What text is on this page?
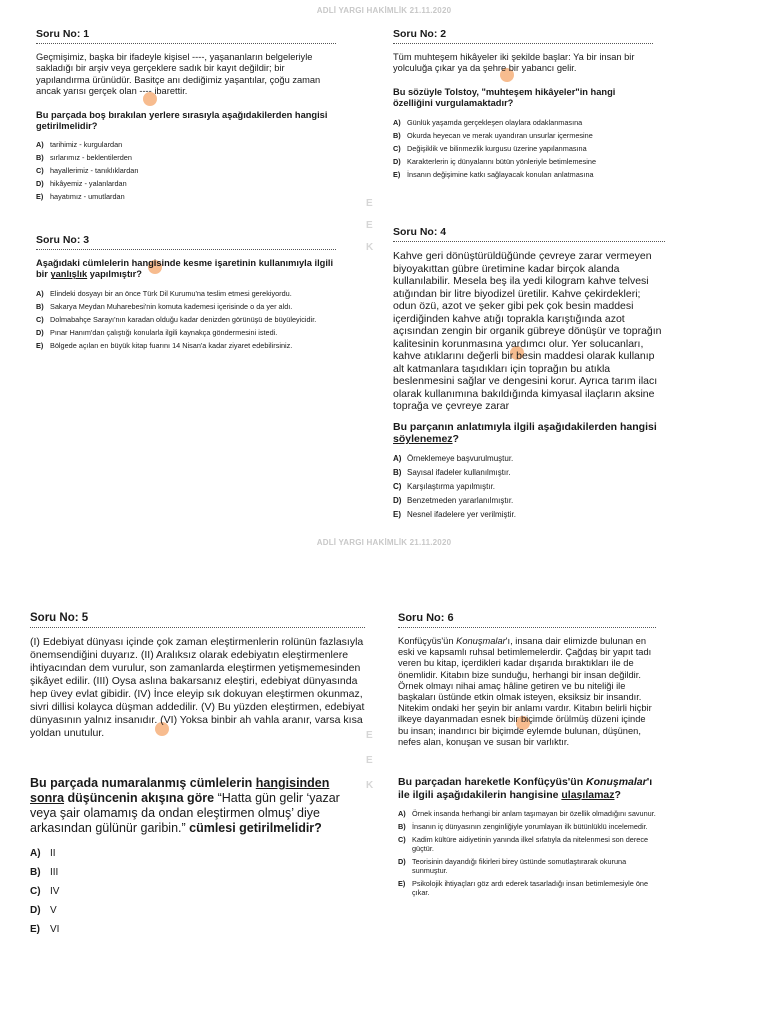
ADLİ YARGI HAKİMLİK 21.11.2020
ADLİ YARGI HAKİMLİK 21.11.2020
E
E
K
E
E
K
Soru No: 1
Geçmişimiz, başka bir ifadeyle kişisel ----, yaşananların belgeleriyle sakladığı bir arşiv veya gerçeklere sadık bir kayıt değildir; bir yapılandırma ürünüdür. Basitçe anı dediğimiz yaşantılar, çoğu zaman ancak yarısı gerçek olan ---- ibarettir.
Bu parçada boş bırakılan yerlere sırasıyla aşağıdakilerden hangisi getirilmelidir?
A) tarihimiz - kurgulardan
B) sırlarımız - beklentilerden
C) hayallerimiz - tanıklıklardan
D) hikâyemiz - yalanlardan
E) hayatımız - umutlardan
Soru No: 2
Tüm muhteşem hikâyeler iki şekilde başlar: Ya bir insan bir yolculuğa çıkar ya da şehre bir yabancı gelir.
Bu sözüyle Tolstoy, "muhteşem hikâyeler"in hangi özelliğini vurgulamaktadır?
A) Günlük yaşamda gerçekleşen olaylara odaklanmasına
B) Okurda heyecan ve merak uyandıran unsurlar içermesine
C) Değişiklik ve bilinmezlik kurgusu üzerine yapılanmasına
D) Karakterlerin iç dünyalarını bütün yönleriyle betimlemesine
E) İnsanın değişimine katkı sağlayacak konuları anlatmasına
Soru No: 3
Aşağıdaki cümlelerin hangisinde kesme işaretinin kullanımıyla ilgili bir yanlışlık yapılmıştır?
A) Elindeki dosyayı bir an önce Türk Dil Kurumu'na teslim etmesi gerekiyordu.
B) Sakarya Meydan Muharebesi'nin komuta kademesi içerisinde o da yer aldı.
C) Dolmabahçe Sarayı'nın karadan olduğu kadar denizden görünüşü de büyüleyicidir.
D) Pınar Hanım'dan çalıştığı konularla ilgili kaynakça göndermesini istedi.
E) Bölgede açılan en büyük kitap fuarını 14 Nisan'a kadar ziyaret edebilirsiniz.
Soru No: 4
Kahve geri dönüştürüldüğünde çevreye zarar vermeyen biyoyakıttan gübre üretimine kadar birçok alanda kullanılabilir. Mesela beş ila yedi kilogram kahve telvesi atığından bir litre biyodizel üretilir. Kahve çekirdekleri; odun özü, azot ve şeker gibi pek çok besin maddesi içerdiğinden kahve atığı toprakla karıştığında azot açısından zengin bir organik gübreye dönüşür ve toprağın kalitesinin korunmasına yardımcı olur. Yer solucanları, kahve atıklarını değerli bir besin maddesi olarak kullanıp alt katmanlara taşıdıkları için toprağın bu atıkla beslenmesini sağlar ve dengesini korur. Ayrıca tarım ilacı olarak kullanımına bakıldığında kimyasal ilaçların aksine toprağa ve çevreye zarar
Bu parçanın anlatımıyla ilgili aşağıdakilerden hangisi söylenemez?
A) Örneklemeye başvurulmuştur.
B) Sayısal ifadeler kullanılmıştır.
C) Karşılaştırma yapılmıştır.
D) Benzetmeden yararlanılmıştır.
E) Nesnel ifadelere yer verilmiştir.
Soru No: 5
(I) Edebiyat dünyası içinde çok zaman eleştirmenlerin rolünün fazlasıyla önemsendiğini duyarız. (II) Aralıksız olarak edebiyatın eleştirmenlere ihtiyacından dem vurulur, son zamanlarda eleştirmen yetişmemesinden şikâyet edilir. (III) Oysa aslına bakarsanız eleştiri, edebiyat dünyasında hep üvey evlat gibidir. (IV) İnce eleyip sık dokuyan eleştirmen okunmaz, sivri dillisi kolayca düşman addedilir. (V) Bu yüzden eleştirmen, edebiyat dünyasının yalnız insanıdır. (VI) Yoksa binbir ah vahla aranır, varsa kısa yoldan unutulur.
Bu parçada numaralanmış cümlelerin hangisinden sonra düşüncenin akışına göre “Hatta gün gelir ‘yazar veya şair olamamış da ondan eleştirmen olmuş’ diye arkasından gülünür garibin.” cümlesi getirilmelidir?
A) II
B) III
C) IV
D) V
E)	VI
Soru No: 6
Konfüçyüs'ün Konuşmalar'ı, insana dair elimizde bulunan en eski ve kapsamlı ruhsal betimlemelerdir. Çağdaş bir yapıt tadı veren bu kitap, içerdikleri kadar dışarıda bıraktıkları ile de önemlidir. Kitabın bize sunduğu, herhangi bir insan değildir. Örnek olmayı nihai amaç hâline getiren ve bu niteliği ile başkaları üstünde etkin olmak isteyen, eksiksiz bir insandır. Nitekim ondaki her şeyin bir anlamı vardır. Kitabın belirli hiçbir ilkeye dayanmadan esnek bir biçimde örülmüş düzeni içinde bu insan; inandırıcı bir biçimde eylemde bulunan, düşünen, nefes alan, konuşan ve susan bir varlıktır.
Bu parçadan hareketle Konfüçyüs'ün Konuşmalar'ı ile ilgili aşağıdakilerin hangisine ulaşılamaz?
A) Örnek insanda herhangi bir anlam taşımayan bir özellik olmadığını savunur.
B) İnsanın iç dünyasının zenginliğiyle yorumlayan ilk bütünlüklü incelemedir.
C) Kadim kültüre aidiyetinin yanında ilkel sıfatıyla da nitelenmesi son derece güçtür.
D) Teorisinin dayandığı fikirleri birey üstünde somutlaştırarak okuruna sunmuştur.
E) Psikolojik ihtiyaçları göz ardı ederek tasarladığı insan betimlemesiyle öne çıkar.
